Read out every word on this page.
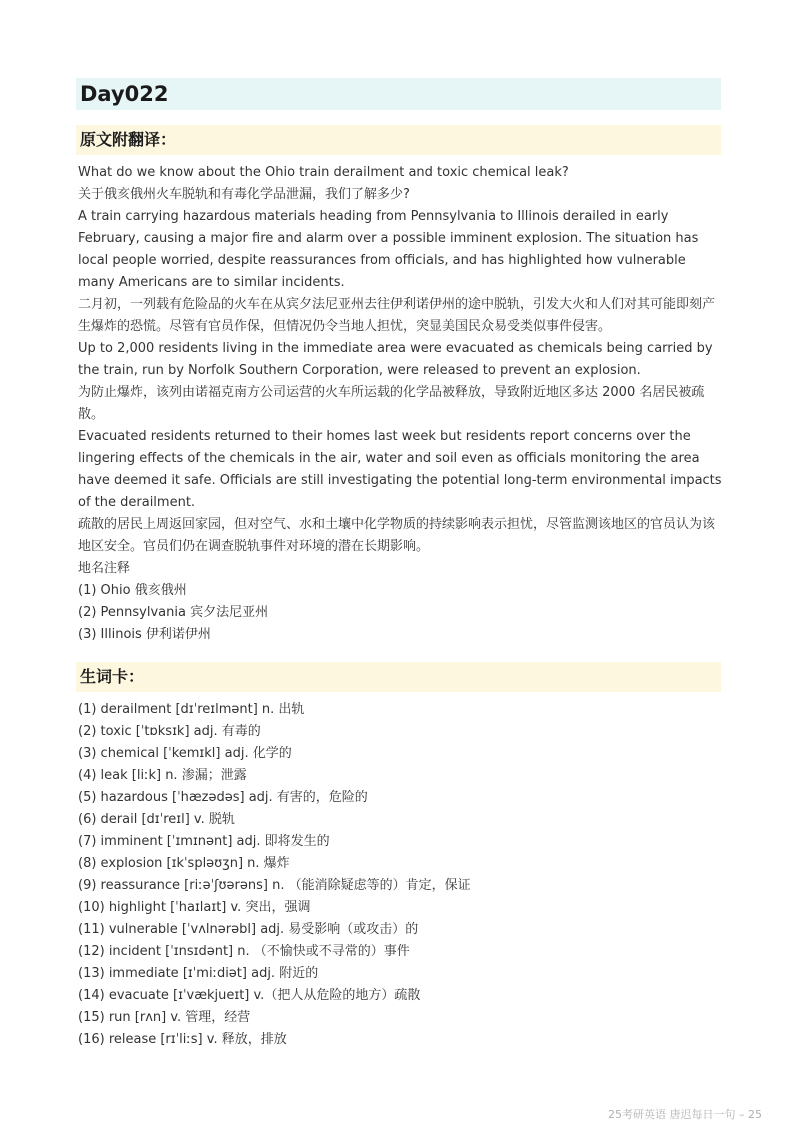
Day022
原文附翻译：

What do we know about the Ohio train derailment and toxic chemical leak?

关于俄亥俄州火车脱轨和有毒化学品泄漏，我们了解多少?

A train carrying hazardous materials heading from Pennsylvania to Illinois derailed in early February, causing a major fire and alarm over a possible imminent explosion. The situation has local people worried, despite reassurances from officials, and has highlighted how vulnerable many Americans are to similar incidents.

二月初，一列载有危险品的火车在从宾夕法尼亚州去往伊利诺伊州的途中脱轨，引发大火和人们对其可能即刻产生爆炸的恐慌。尽管有官员作保，但情况仍令当地人担忧，突显美国民众易受类似事件侵害。

Up to 2,000 residents living in the immediate area were evacuated as chemicals being carried by the train, run by Norfolk Southern Corporation, were released to prevent an explosion.

为防止爆炸，该列由诺福克南方公司运营的火车所运载的化学品被释放，导致附近地区多达 2000 名居民被疏散。

Evacuated residents returned to their homes last week but residents report concerns over the lingering effects of the chemicals in the air, water and soil even as officials monitoring the area have deemed it safe. Officials are still investigating the potential long-term environmental impacts of the derailment.

疏散的居民上周返回家园，但对空气、水和土壤中化学物质的持续影响表示担忧，尽管监测该地区的官员认为该地区安全。官员们仍在调查脱轨事件对环境的潜在长期影响。

地名注释

(1) Ohio 俄亥俄州

(2) Pennsylvania 宾夕法尼亚州

(3) Illinois 伊利诺伊州

生词卡：
(1) derailment [dɪˈreɪlmənt] n. 出轨
(2) toxic [ˈtɒksɪk] adj. 有毒的
(3) chemical [ˈkemɪkl] adj. 化学的
(4) leak [liːk] n. 渗漏；泄露
(5) hazardous [ˈhæzədəs] adj. 有害的，危险的
(6) derail [dɪˈreɪl] v. 脱轨
(7) imminent [ˈɪmɪnənt] adj. 即将发生的
(8) explosion [ɪkˈspləʊʒn] n. 爆炸
(9) reassurance [riːəˈʃʊərəns] n. （能消除疑虑等的）肯定，保证
(10) highlight [ˈhaɪlaɪt] v. 突出，强调
(11) vulnerable [ˈvʌlnərəbl] adj. 易受影响（或攻击）的
(12) incident [ˈɪnsɪdənt] n. （不愉快或不寻常的）事件
(13) immediate [ɪˈmiːdiət] adj. 附近的
(14) evacuate [ɪˈvækjueɪt] v.（把人从危险的地方）疏散
(15) run [rʌn] v. 管理，经营
(16) release [rɪˈliːs] v. 释放，排放
25考研英语 唐迟每日一句 – 25
